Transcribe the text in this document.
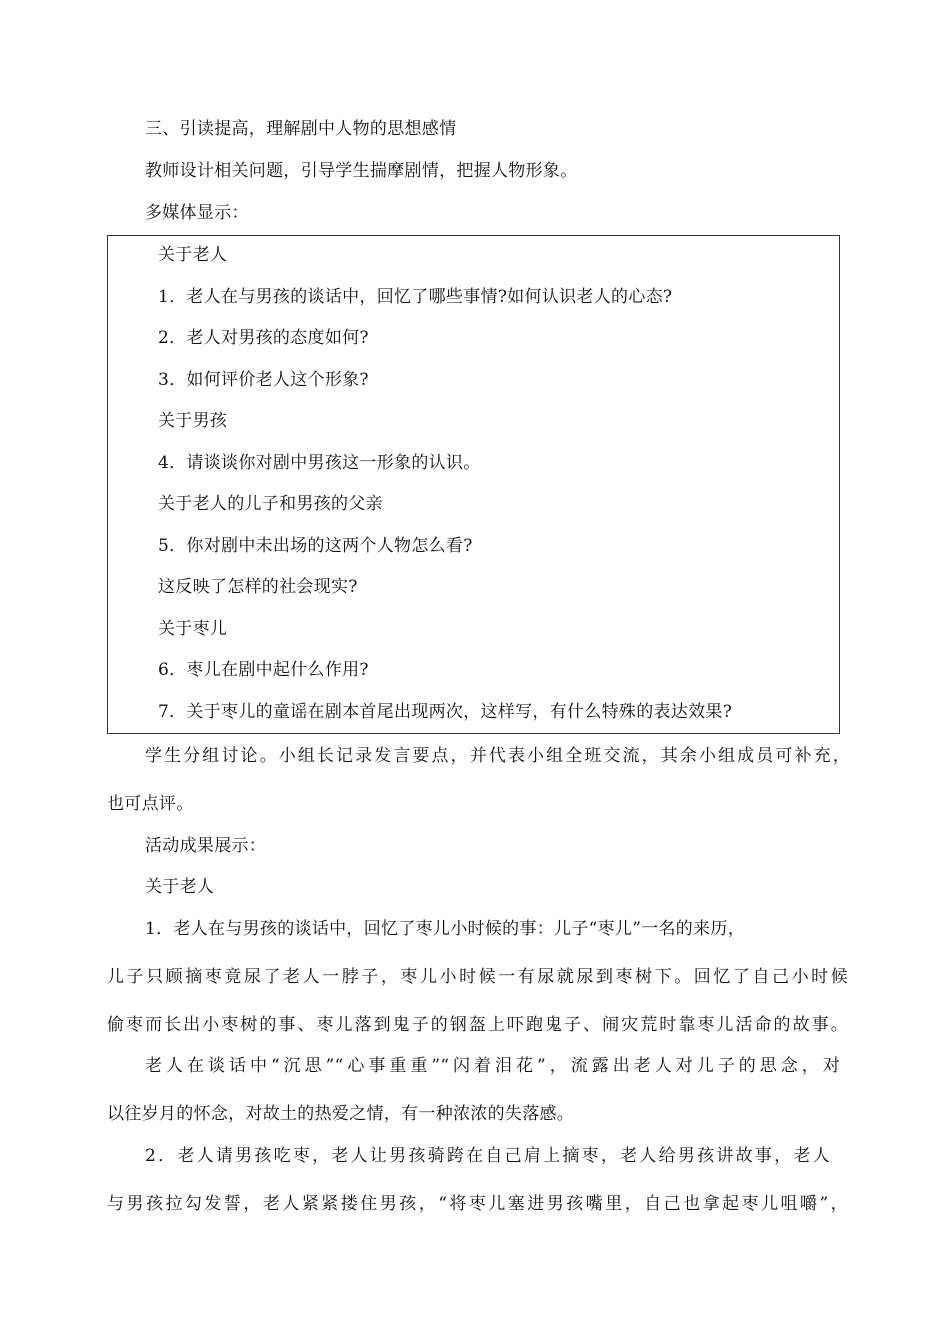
三、引读提高，理解剧中人物的思想感情
教师设计相关问题，引导学生揣摩剧情，把握人物形象。
多媒体显示：
关于老人
1．老人在与男孩的谈话中，回忆了哪些事情?如何认识老人的心态?
2．老人对男孩的态度如何?
3．如何评价老人这个形象?
关于男孩
4．请谈谈你对剧中男孩这一形象的认识。
关于老人的儿子和男孩的父亲
5．你对剧中未出场的这两个人物怎么看?
这反映了怎样的社会现实?
关于枣儿
6．枣儿在剧中起什么作用?
7．关于枣儿的童谣在剧本首尾出现两次，这样写，有什么特殊的表达效果?
学生分组讨论。小组长记录发言要点，并代表小组全班交流，其余小组成员可补充，
也可点评。
活动成果展示：
关于老人
1．老人在与男孩的谈话中，回忆了枣儿小时候的事：儿子“枣儿”一名的来历，
儿子只顾摘枣竟尿了老人一脖子，枣儿小时候一有尿就尿到枣树下。回忆了自己小时候
偷枣而长出小枣树的事、枣儿落到鬼子的钢盔上吓跑鬼子、闹灾荒时靠枣儿活命的故事。
老人在谈话中“沉思”“心事重重”“闪着泪花”，流露出老人对儿子的思念，对
以往岁月的怀念，对故土的热爱之情，有一种浓浓的失落感。
2．老人请男孩吃枣，老人让男孩骑跨在自己肩上摘枣，老人给男孩讲故事，老人
与男孩拉勾发誓，老人紧紧搂住男孩，“将枣儿塞进男孩嘴里，自己也拿起枣儿咀嚼”，
